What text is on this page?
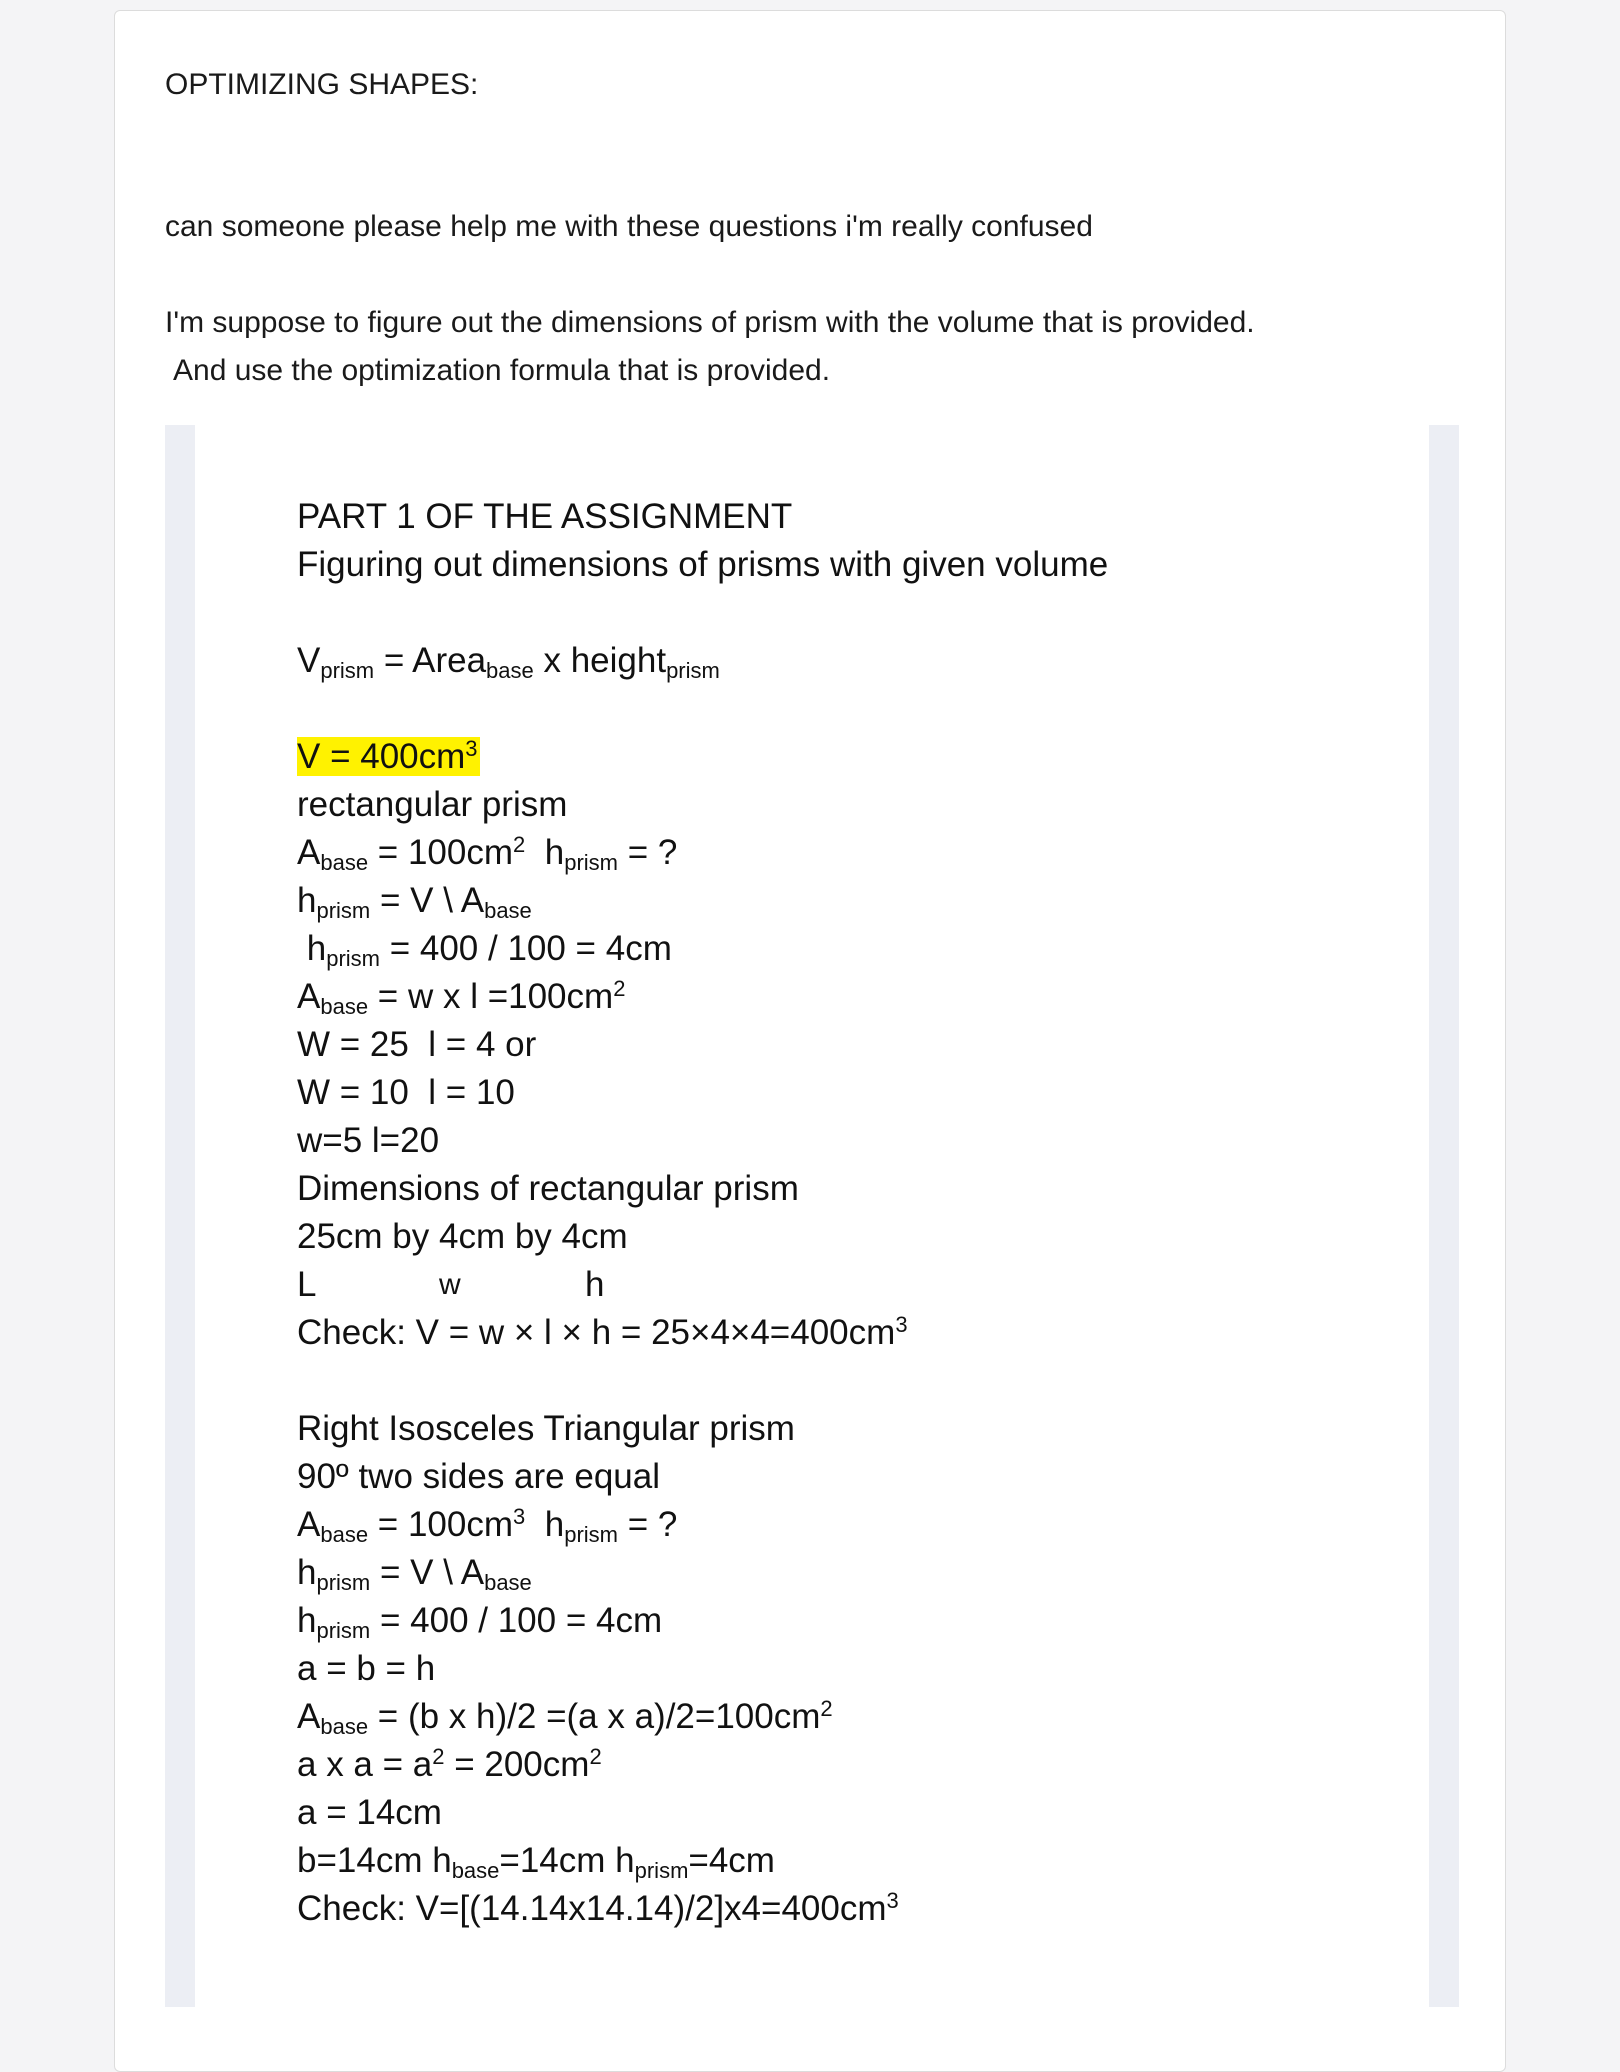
OPTIMIZING SHAPES:

can someone please help me with these questions i'm really confused

I'm suppose to figure out the dimensions of prism with the volume that is provided.

And use the optimization formula that is provided.

PART 1 OF THE ASSIGNMENT

Figuring out dimensions of prisms with given volume

$V_{prism}$ = Area$_{base}$ x height$_{prism}$

$V = 400cm^3$

rectangular prism

$A_{base} = 100cm^2$  $h_{prism}$ = ?

$h_{prism} = V$ \ $A_{base}$

$h_{prism} = 400 / 100 = 4cm$

$A_{base} = w$ x $l =100cm^2$

W = 25  l = 4 or

W = 10  l = 10

w=5 l=20

Dimensions of rectangular prism

25cm by 4cm by 4cm

L

	w

	h

Check: $V = w \times l \times h = 25\times 4\times 4=400cm^3$

Right Isosceles Triangular prism

90º two sides are equal

$A_{base} = 100cm^3$  $h_{prism}$ = ?

$h_{prism} = V$ \ $A_{base}$

$h_{prism} = 400 / 100 = 4cm$

a = b = h

$A_{base} = (b$ x h)/2 =(a x $a)/2=100cm^2$

a x $a = a^2 = 200cm^2$

a = 14cm

b=14cm $h_{base}=14cm$ $h_{prism}=4cm$

Check: $V=[(14.14x14.14)/2]x4=400cm^3$
